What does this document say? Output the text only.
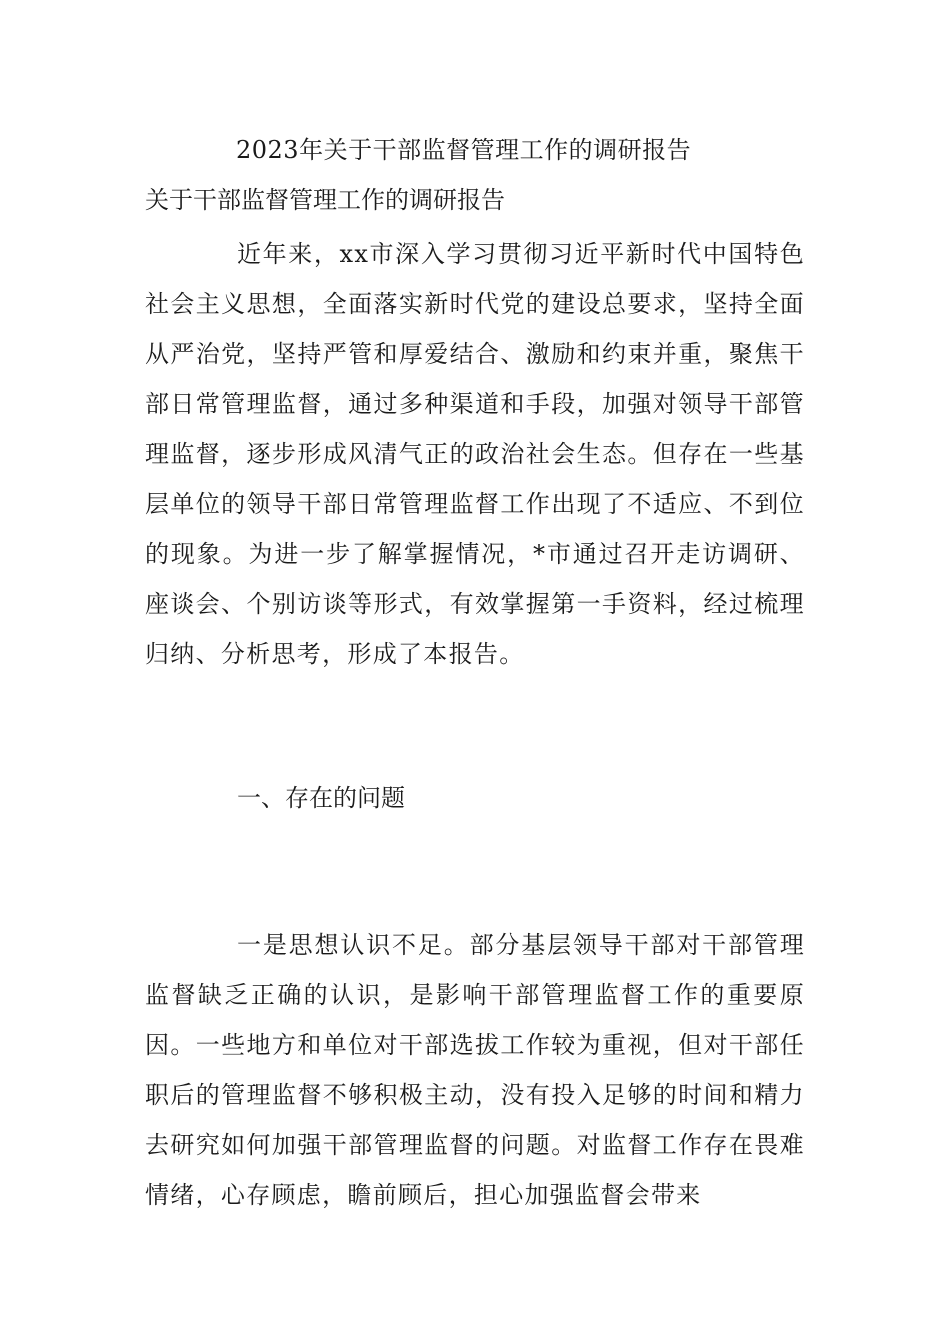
2023年关于干部监督管理工作的调研报告
关于干部监督管理工作的调研报告

近年来，xx市深入学习贯彻习近平新时代中国特色社会主义思想，全面落实新时代党的建设总要求，坚持全面从严治党，坚持严管和厚爱结合、激励和约束并重，聚焦干部日常管理监督，通过多种渠道和手段，加强对领导干部管理监督，逐步形成风清气正的政治社会生态。但存在一些基层单位的领导干部日常管理监督工作出现了不适应、不到位的现象。为进一步了解掌握情况，*市通过召开走访调研、座谈会、个别访谈等形式，有效掌握第一手资料，经过梳理归纳、分析思考，形成了本报告。

一、存在的问题

一是思想认识不足。部分基层领导干部对干部管理监督缺乏正确的认识，是影响干部管理监督工作的重要原因。一些地方和单位对干部选拔工作较为重视，但对干部任职后的管理监督不够积极主动，没有投入足够的时间和精力去研究如何加强干部管理监督的问题。对监督工作存在畏难情绪，心存顾虑，瞻前顾后，担心加强监督会带来
